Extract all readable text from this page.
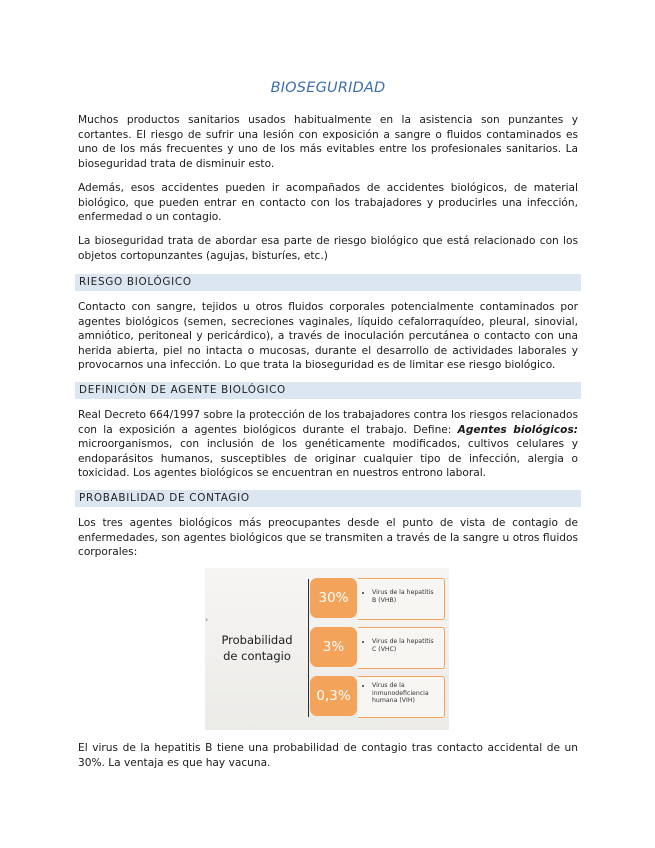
BIOSEGURIDAD

Muchos productos sanitarios usados habitualmente en la asistencia son punzantes y cortantes. El riesgo de sufrir una lesión con exposición a sangre o fluidos contaminados es uno de los más frecuentes y uno de los más evitables entre los profesionales sanitarios. La bioseguridad trata de disminuir esto.

Además, esos accidentes pueden ir acompañados de accidentes biológicos, de material biológico, que pueden entrar en contacto con los trabajadores y producirles una infección, enfermedad o un contagio.

La bioseguridad trata de abordar esa parte de riesgo biológico que está relacionado con los objetos cortopunzantes (agujas, bisturíes, etc.)

RIESGO BIOLÓGICO

Contacto con sangre, tejidos u otros fluidos corporales potencialmente contaminados por agentes biológicos (semen, secreciones vaginales, líquido cefalorraquídeo, pleural, sinovial, amniótico, peritoneal y pericárdico), a través de inoculación percutánea o contacto con una herida abierta, piel no intacta o mucosas, durante el desarrollo de actividades laborales y provocarnos una infección. Lo que trata la bioseguridad es de limitar ese riesgo biológico.

DEFINICIÓN DE AGENTE BIOLÓGICO

Real Decreto 664/1997 sobre la protección de los trabajadores contra los riesgos relacionados con la exposición a agentes biológicos durante el trabajo. Define: Agentes biológicos: microorganismos, con inclusión de los genéticamente modificados, cultivos celulares y endoparásitos humanos, susceptibles de originar cualquier tipo de infección, alergia o toxicidad. Los agentes biológicos se encuentran en nuestros entrono laboral.

PROBABILIDAD DE CONTAGIO

Los tres agentes biológicos más preocupantes desde el punto de vista de contagio de enfermedades, son agentes biológicos que se transmiten a través de la sangre u otros fluidos corporales:

›
Probabilidad
de contagio
30%	• Virus de la hepatitis
B (VHB)
3%	• Virus de la hepatitis
C (VHC)
0,3%
• Virus de la
inmunodeficiencia
humana (VIH)

El virus de la hepatitis B tiene una probabilidad de contagio tras contacto accidental de un 30%. La ventaja es que hay vacuna.
